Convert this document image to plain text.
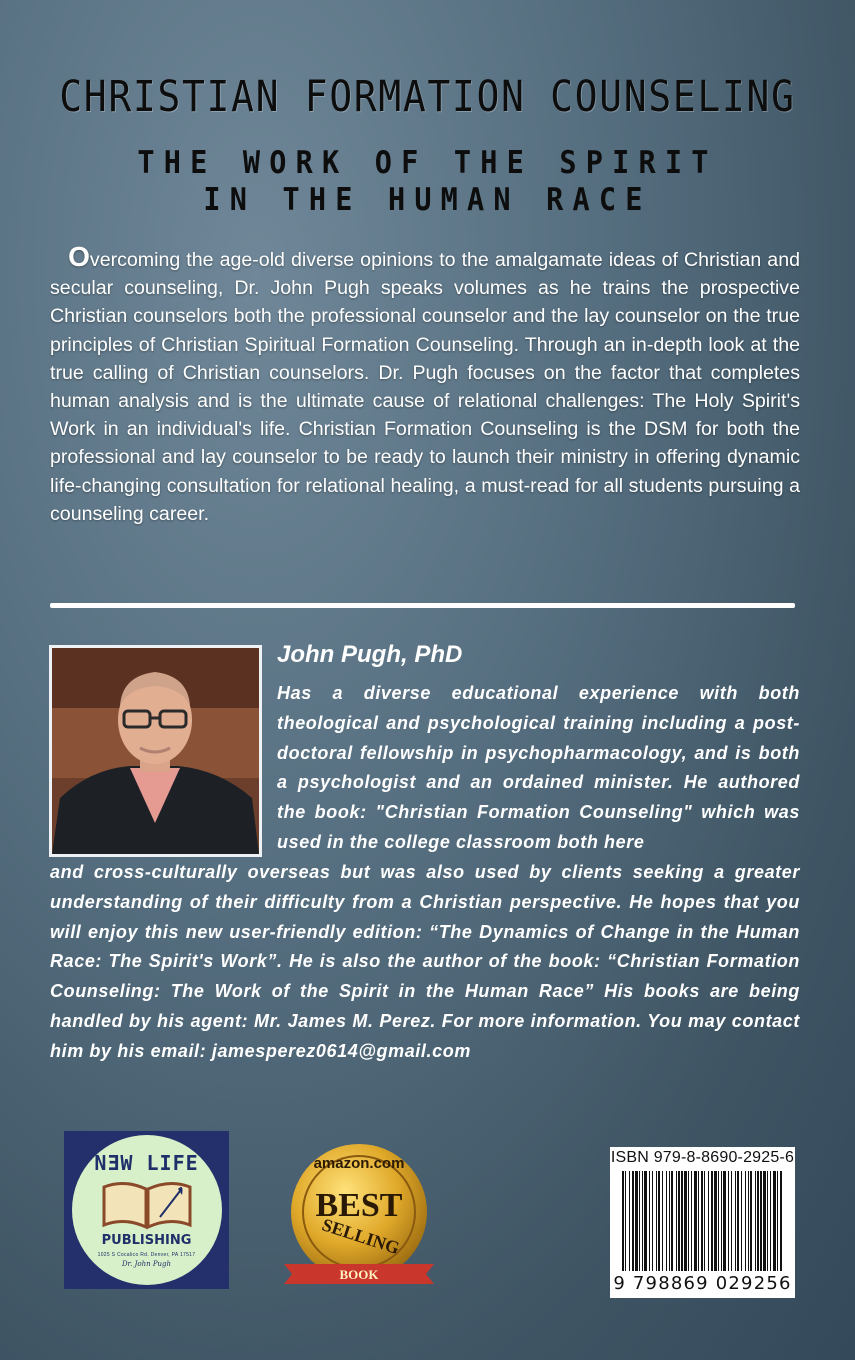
CHRISTIAN FORMATION COUNSELING
THE WORK OF THE SPIRIT
IN THE HUMAN RACE
Overcoming the age-old diverse opinions to the amalgamate ideas of Christian and secular counseling, Dr. John Pugh speaks volumes as he trains the prospective Christian counselors both the professional counselor and the lay counselor on the true principles of Christian Spiritual Formation Counseling. Through an in-depth look at the true calling of Christian counselors. Dr. Pugh focuses on the factor that completes human analysis and is the ultimate cause of relational challenges: The Holy Spirit's Work in an individual's life. Christian Formation Counseling is the DSM for both the professional and lay counselor to be ready to launch their ministry in offering dynamic life-changing consultation for relational healing, a must-read for all students pursuing a counseling career.
John Pugh, PhD
Has a diverse educational experience with both theological and psychological training including a post-doctoral fellowship in psychopharmacology, and is both a psychologist and an ordained minister. He authored the book: "Christian Formation Counseling" which was used in the college classroom both here
and cross-culturally overseas but was also used by clients seeking a greater understanding of their difficulty from a Christian perspective. He hopes that you will enjoy this new user-friendly edition: “The Dynamics of Change in the Human Race: The Spirit's Work”. He is also the author of the book: “Christian Formation Counseling: The Work of the Spirit in the Human Race” His books are being handled by his agent: Mr. James M. Perez. For more information. You may contact him by his email: jamesperez0614@gmail.com
NƎW LIFE
PUBLISHING
1025 S Cocalico Rd. Denver, PA 17517
Dr. John Pugh
amazon.com
BEST
SELLING
BOOK
ISBN 979-8-8690-2925-6
9 798869 029256
